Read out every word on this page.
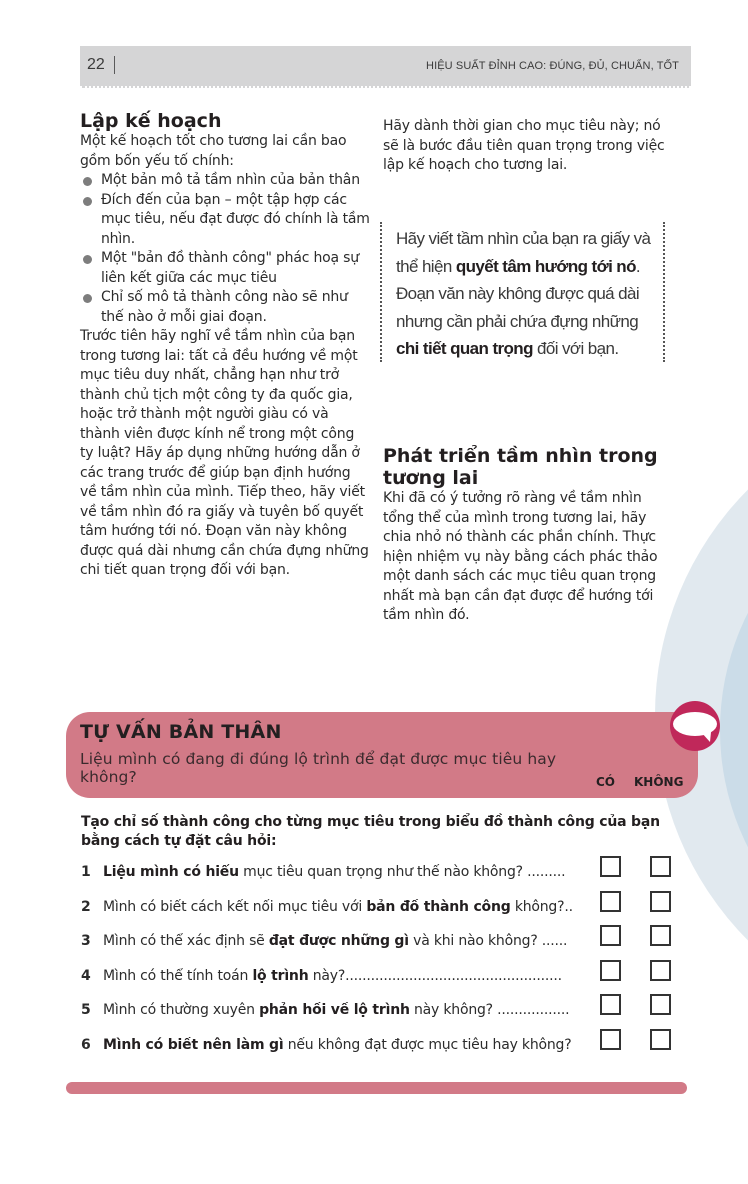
22	HIỆU SUẤT ĐỈNH CAO: ĐÚNG, ĐỦ, CHUẨN, TỐT
Lập kế hoạch

Một kế hoạch tốt cho tương lai cần bao gồm bốn yếu tố chính:

Một bản mô tả tầm nhìn của bản thân
Đích đến của bạn – một tập hợp các mục tiêu, nếu đạt được đó chính là tầm nhìn.
Một "bản đồ thành công" phác hoạ sự liên kết giữa các mục tiêu
Chỉ số mô tả thành công nào sẽ như thế nào ở mỗi giai đoạn.

Trước tiên hãy nghĩ về tầm nhìn của bạn trong tương lai: tất cả đều hướng về một mục tiêu duy nhất, chẳng hạn như trở thành chủ tịch một công ty đa quốc gia, hoặc trở thành một người giàu có và thành viên được kính nể trong một công ty luật? Hãy áp dụng những hướng dẫn ở các trang trước để giúp bạn định hướng về tầm nhìn của mình. Tiếp theo, hãy viết về tầm nhìn đó ra giấy và tuyên bố quyết tâm hướng tới nó. Đoạn văn này không được quá dài nhưng cần chứa đựng những chi tiết quan trọng đối với bạn.

Hãy dành thời gian cho mục tiêu này; nó sẽ là bước đầu tiên quan trọng trong việc lập kế hoạch cho tương lai.
Hãy viết tầm nhìn của bạn ra giấy và thể hiện quyết tâm hướng tới nó. Đoạn văn này không được quá dài nhưng cần phải chứa đựng những chi tiết quan trọng đối với bạn.
Phát triển tầm nhìn trong tương lai

Khi đã có ý tưởng rõ ràng về tầm nhìn tổng thể của mình trong tương lai, hãy chia nhỏ nó thành các phần chính. Thực hiện nhiệm vụ này bằng cách phác thảo một danh sách các mục tiêu quan trọng nhất mà bạn cần đạt được để hướng tới tầm nhìn đó.

TỰ VẤN BẢN THÂN
Liệu mình có đang đi đúng lộ trình để đạt được mục tiêu hay không?	CÓ KHÔNG
Tạo chỉ số thành công cho từng mục tiêu trong biểu đồ thành công của bạn bằng cách tự đặt câu hỏi:
1 Liệu mình có hiểu mục tiêu quan trọng như thế nào không? .........
2 Mình có biết cách kết nối mục tiêu với bản đồ thành công không?..
3 Mình có thể xác định sẽ đạt được những gì và khi nào không? ......
4 Mình có thể tính toán lộ trình này?...................................................
5 Mình có thường xuyên phản hồi về lộ trình này không? .................
6 Mình có biết nên làm gì nếu không đạt được mục tiêu hay không?
